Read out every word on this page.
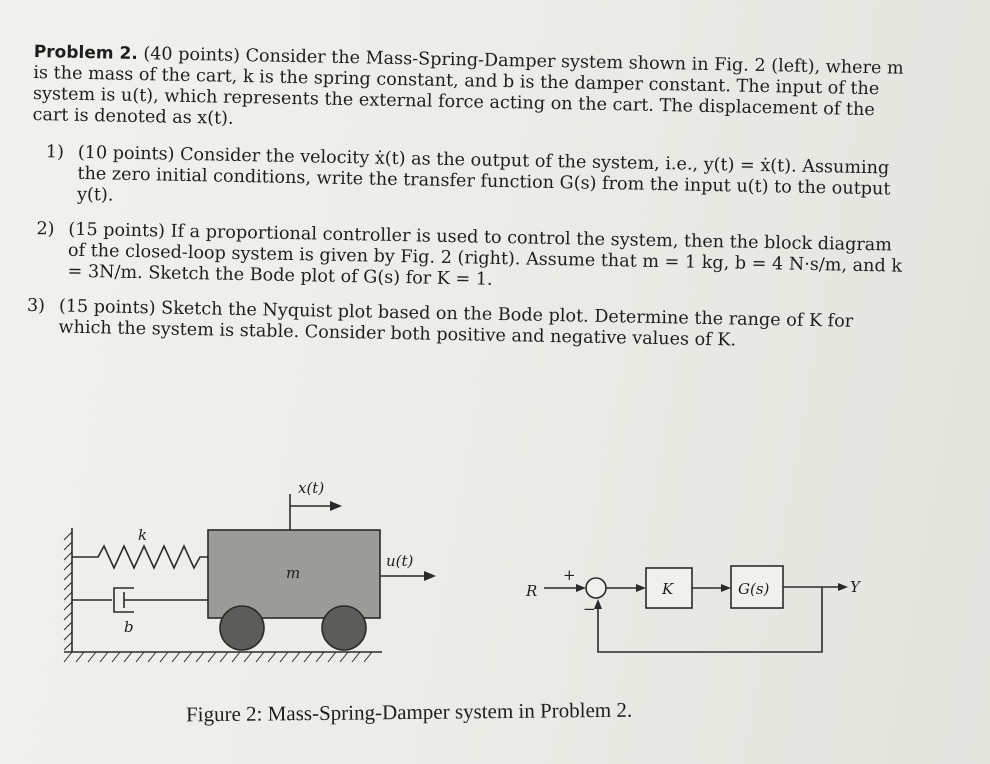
Problem 2. (40 points) Consider the Mass-Spring-Damper system shown in Fig. 2 (left), where m is the mass of the cart, k is the spring constant, and b is the damper constant. The input of the system is u(t), which represents the external force acting on the cart. The displacement of the cart is denoted as x(t).

1) (10 points) Consider the velocity ẋ(t) as the output of the system, i.e., y(t) = ẋ(t). Assuming the zero initial conditions, write the transfer function G(s) from the input u(t) to the output y(t).

2) (15 points) If a proportional controller is used to control the system, then the block diagram of the closed-loop system is given by Fig. 2 (right). Assume that m = 1 kg, b = 4 N·s/m, and k = 3N/m. Sketch the Bode plot of G(s) for K = 1.

3) (15 points) Sketch the Nyquist plot based on the Bode plot. Determine the range of K for which the system is stable. Consider both positive and negative values of K.

k
b
m
x(t)
u(t)
R
+
−
K	G(s)	Y
Figure 2: Mass-Spring-Damper system in Problem 2.
